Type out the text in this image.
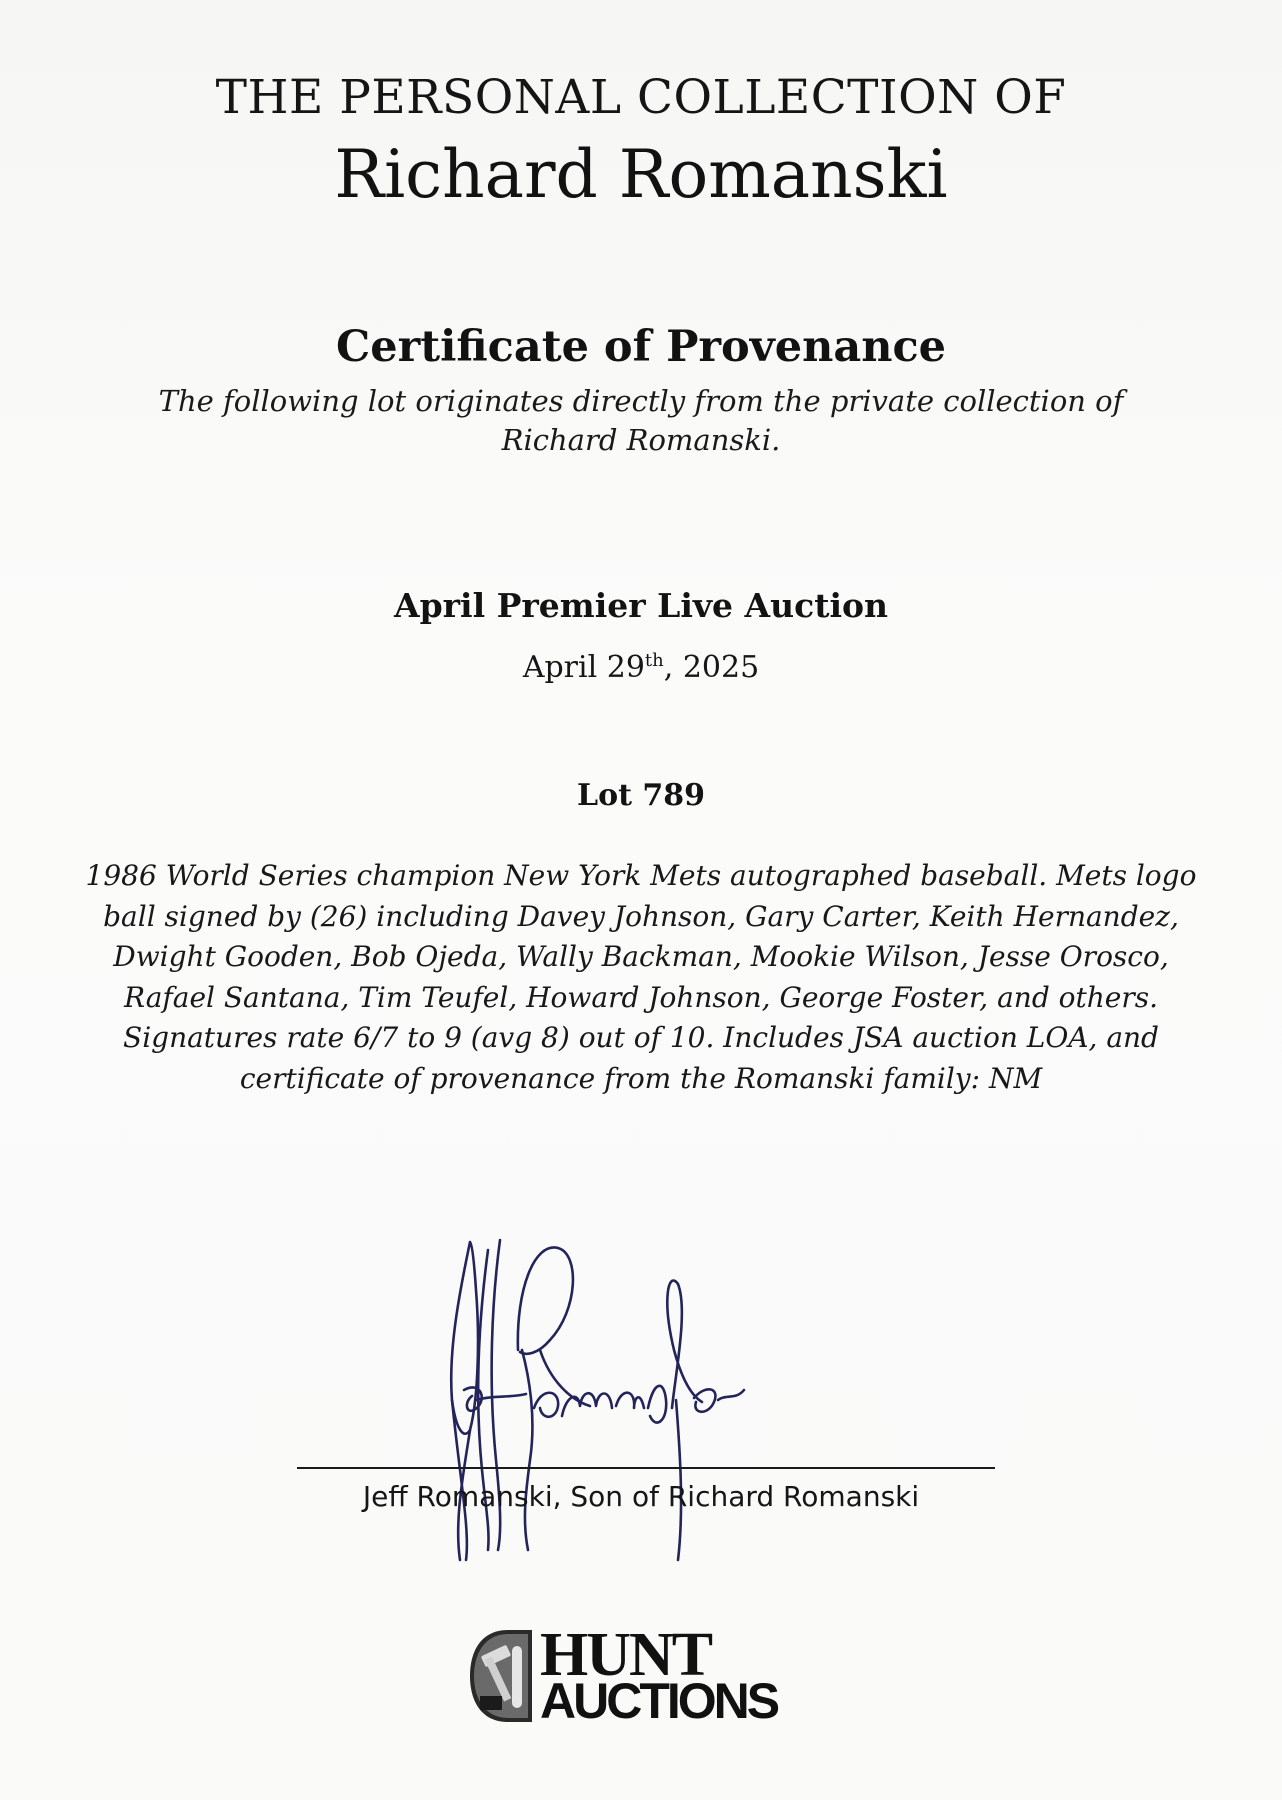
THE PERSONAL COLLECTION OF
Richard Romanski
Certificate of Provenance
The following lot originates directly from the private collection of
Richard Romanski.
April Premier Live Auction
April 29th, 2025
Lot 789
1986 World Series champion New York Mets autographed baseball. Mets logo
ball signed by (26) including Davey Johnson, Gary Carter, Keith Hernandez,
Dwight Gooden, Bob Ojeda, Wally Backman, Mookie Wilson, Jesse Orosco,
Rafael Santana, Tim Teufel, Howard Johnson, George Foster, and others.
Signatures rate 6/7 to 9 (avg 8) out of 10. Includes JSA auction LOA, and
certificate of provenance from the Romanski family: NM
Jeff Romanski, Son of Richard Romanski
HUNT
AUCTIONS
